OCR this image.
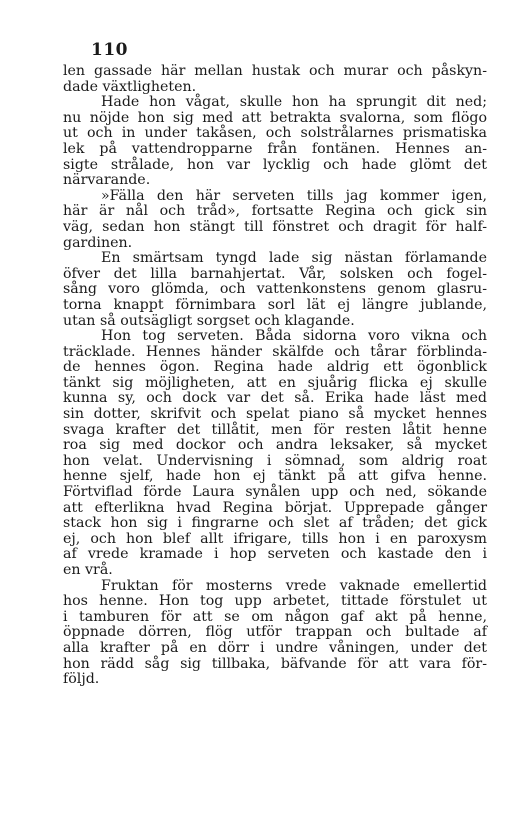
110
len gassade här mellan hustak och murar och påskyn-
dade växtligheten.
Hade hon vågat, skulle hon ha sprungit dit ned;
nu nöjde hon sig med att betrakta svalorna, som flögo
ut och in under takåsen, och solstrålarnes prismatiska
lek på vattendropparne från fontänen. Hennes an-
sigte strålade, hon var lycklig och hade glömt det
närvarande.
»Fälla den här serveten tills jag kommer igen,
här är nål och tråd», fortsatte Regina och gick sin
väg, sedan hon stängt till fönstret och dragit för half-
gardinen.
En smärtsam tyngd lade sig nästan förlamande
öfver det lilla barnahjertat. Vår, solsken och fogel-
sång voro glömda, och vattenkonstens genom glasru-
torna knappt förnimbara sorl lät ej längre jublande,
utan så outsägligt sorgset och klagande.
Hon tog serveten. Båda sidorna voro vikna och
träcklade. Hennes händer skälfde och tårar förblinda-
de hennes ögon. Regina hade aldrig ett ögonblick
tänkt sig möjligheten, att en sjuårig flicka ej skulle
kunna sy, och dock var det så. Erika hade läst med
sin dotter, skrifvit och spelat piano så mycket hennes
svaga krafter det tillåtit, men för resten låtit henne
roa sig med dockor och andra leksaker, så mycket
hon velat. Undervisning i sömnad, som aldrig roat
henne sjelf, hade hon ej tänkt på att gifva henne.
Förtviflad förde Laura synålen upp och ned, sökande
att efterlikna hvad Regina börjat. Upprepade gånger
stack hon sig i fingrarne och slet af tråden; det gick
ej, och hon blef allt ifrigare, tills hon i en paroxysm
af vrede kramade i hop serveten och kastade den i
en vrå.
Fruktan för mosterns vrede vaknade emellertid
hos henne. Hon tog upp arbetet, tittade förstulet ut
i tamburen för att se om någon gaf akt på henne,
öppnade dörren, flög utför trappan och bultade af
alla krafter på en dörr i undre våningen, under det
hon rädd såg sig tillbaka, bäfvande för att vara för-
följd.
